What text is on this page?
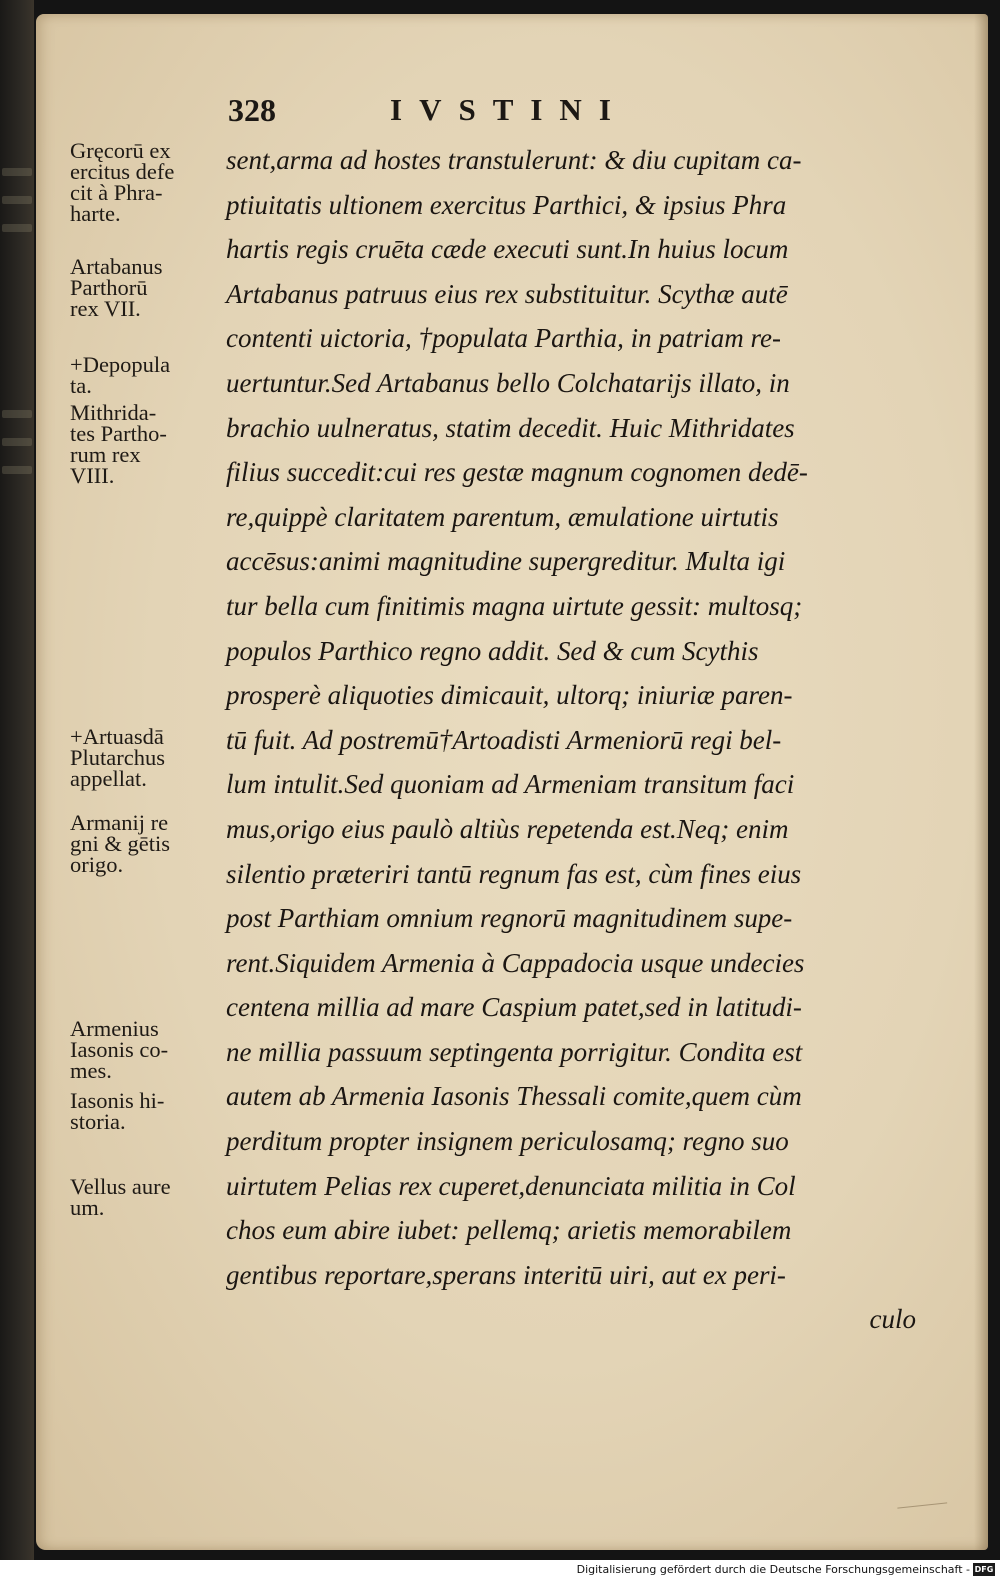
328	IVSTINI
Gręcorū ex
ercitus defe
cit à Phra-
harte.
Artabanus
Parthorū
rex VII.
+Depopula
ta.
Mithrida-
tes Partho-
rum rex
VIII.
+Artuasdā
Plutarchus
appellat.
Armanij re
gni & gētis
origo.
Armenius
Iasonis co-
mes.
Iasonis hi-
storia.
Vellus aure
um.
sent,arma ad hostes transtulerunt: & diu cupitam ca-
ptiuitatis ultionem exercitus Parthici, & ipsius Phra
hartis regis cruēta cæde executi sunt.In huius locum
Artabanus patruus eius rex substituitur. Scythæ autē
contenti uictoria, †populata Parthia, in patriam re-
uertuntur.Sed Artabanus bello Colchatarijs illato, in
brachio uulneratus, statim decedit. Huic Mithridates
filius succedit:cui res gestæ magnum cognomen dedē-
re,quippè claritatem parentum, æmulatione uirtutis
accēsus:animi magnitudine supergreditur. Multa igi
tur bella cum finitimis magna uirtute gessit: multosq;
populos Parthico regno addit. Sed & cum Scythis
prosperè aliquoties dimicauit, ultorq; iniuriæ paren-
tū fuit. Ad postremū†Artoadisti Armeniorū regi bel-
lum intulit.Sed quoniam ad Armeniam transitum faci
mus,origo eius paulò altiùs repetenda est.Neq; enim
silentio præteriri tantū regnum fas est, cùm fines eius
post Parthiam omnium regnorū magnitudinem supe-
rent.Siquidem Armenia à Cappadocia usque undecies
centena millia ad mare Caspium patet,sed in latitudi-
ne millia passuum septingenta porrigitur. Condita est
autem ab Armenia Iasonis Thessali comite,quem cùm
perditum propter insignem periculosamq; regno suo
uirtutem Pelias rex cuperet,denunciata militia in Col
chos eum abire iubet: pellemq; arietis memorabilem
gentibus reportare,sperans interitū uiri, aut ex peri-
culo
Digitalisierung gefördert durch die Deutsche Forschungsgemeinschaft - DFG
